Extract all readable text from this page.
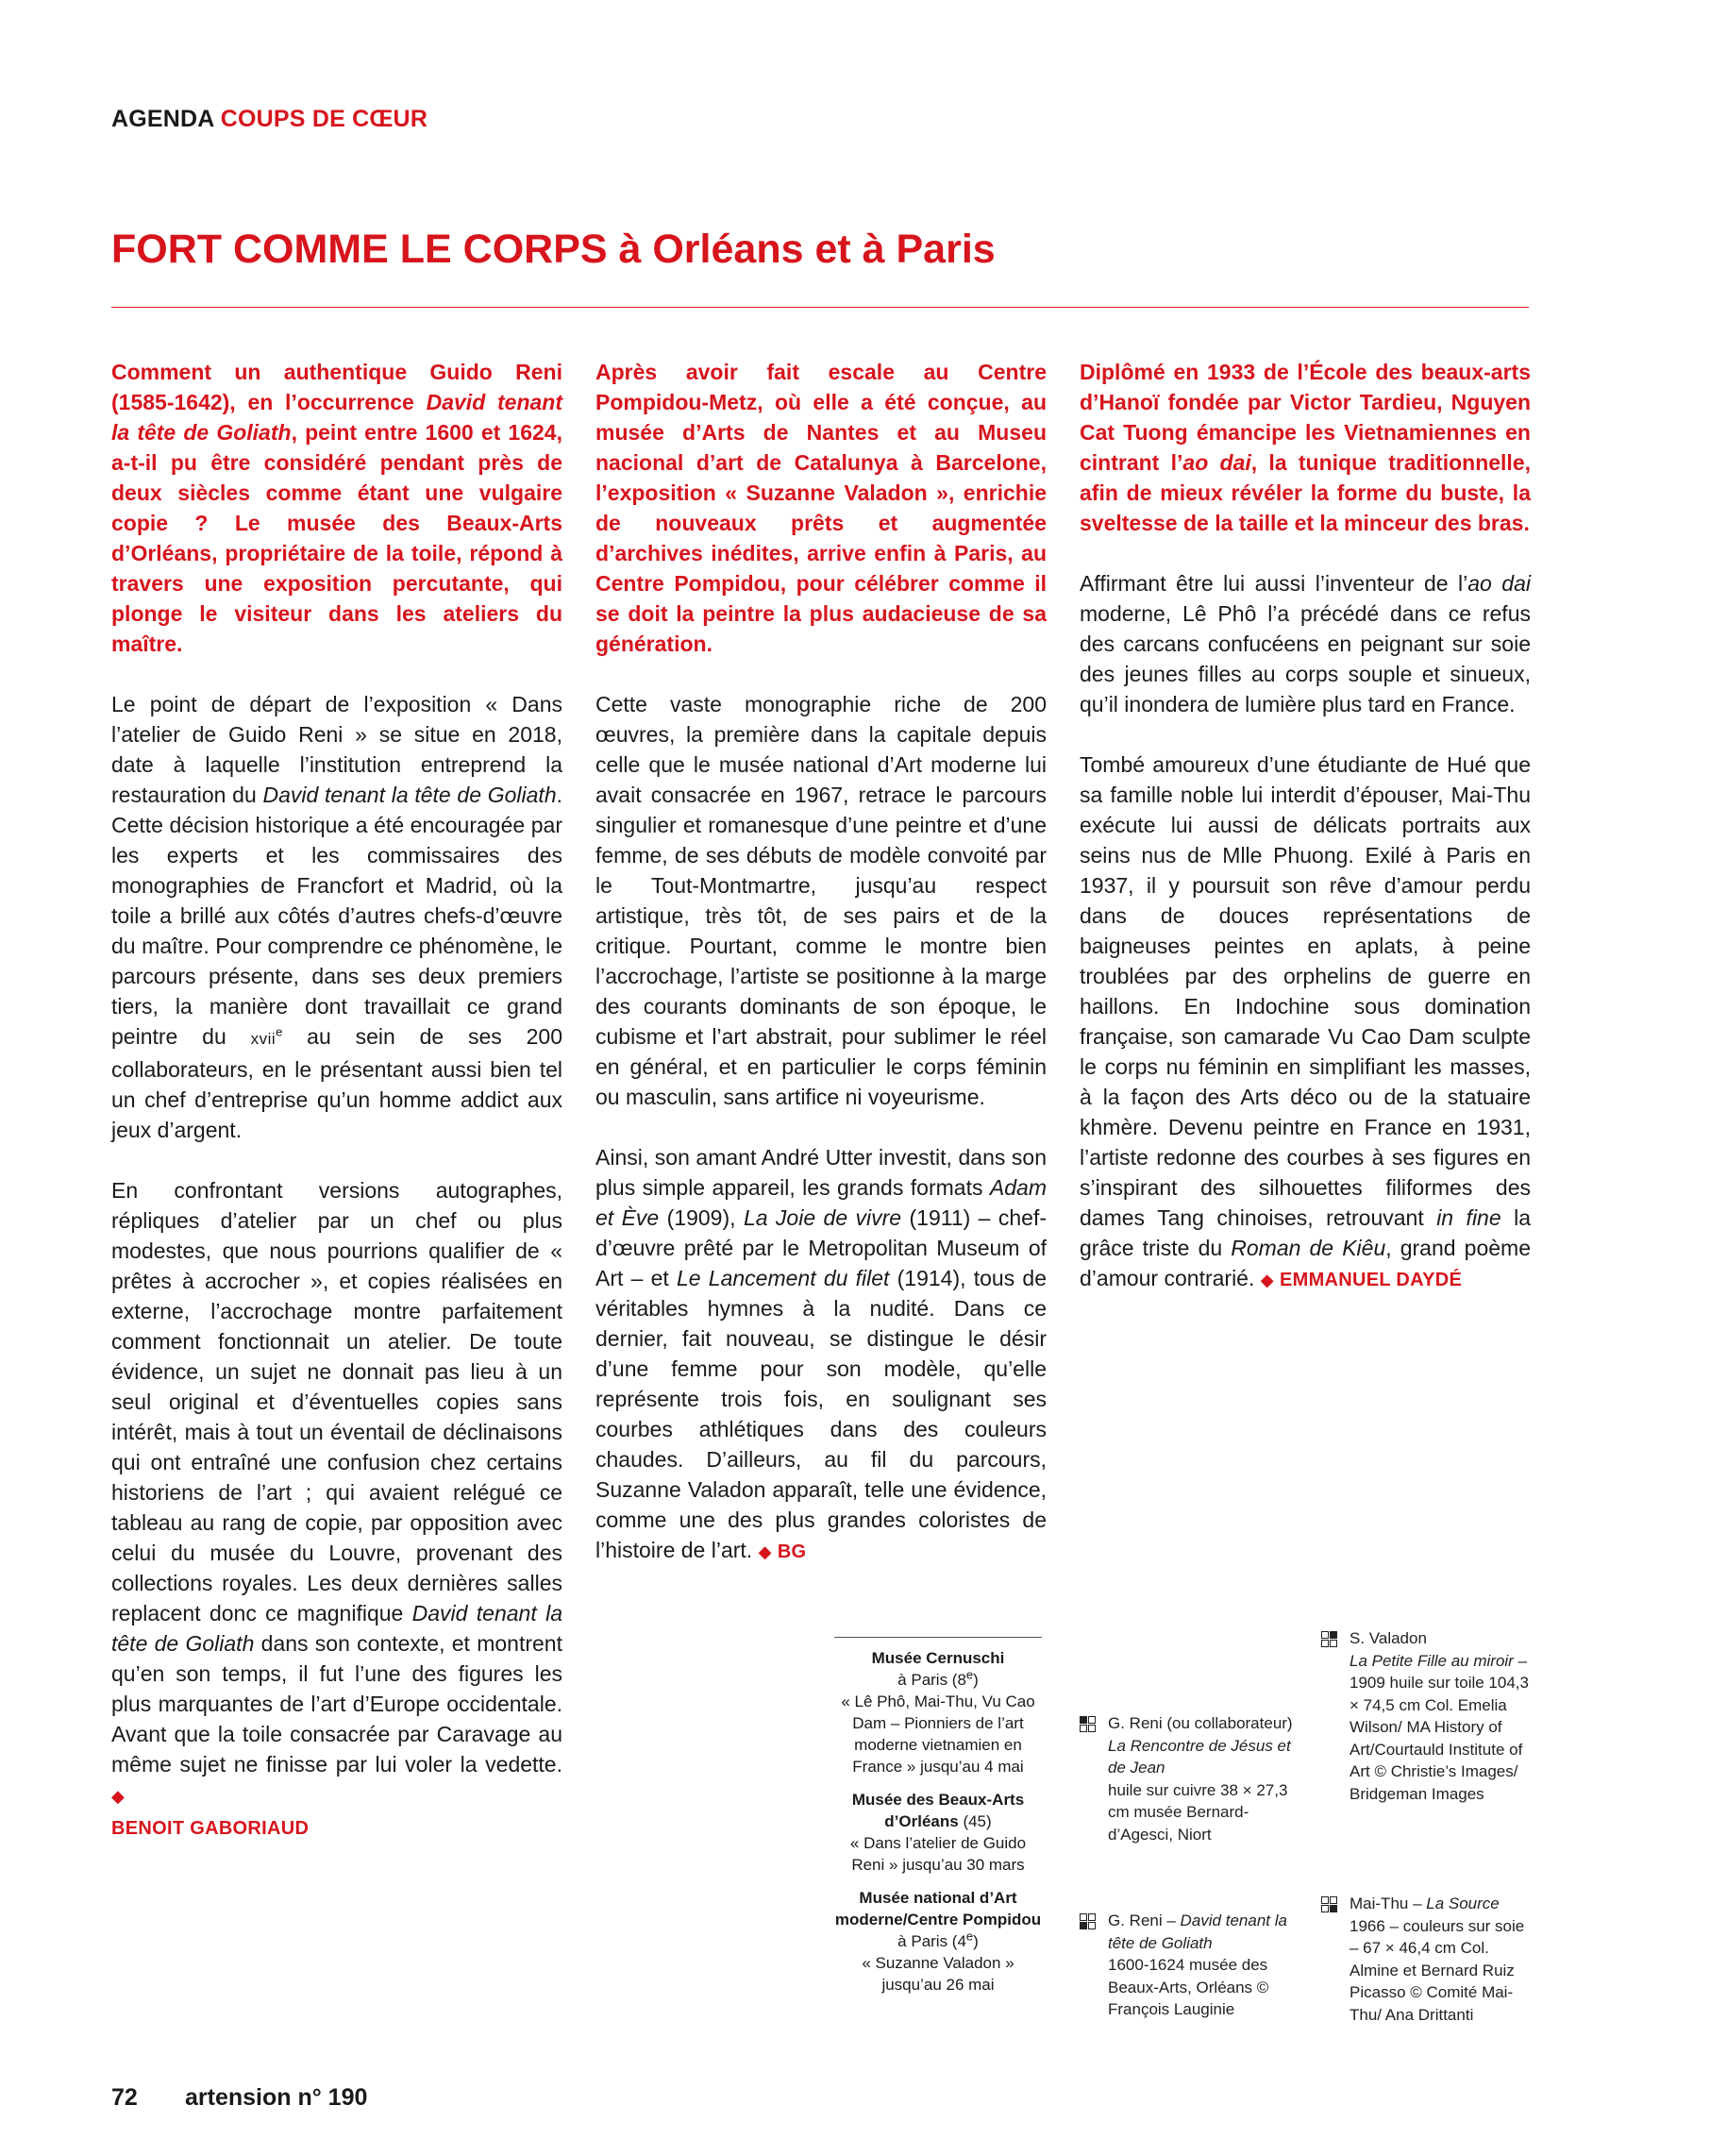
AGENDA COUPS DE CŒUR
FORT COMME LE CORPS à Orléans et à Paris

Comment un authentique Guido Reni (1585-1642), en l’occurrence David tenant la tête de Goliath, peint entre 1600 et 1624, a-t-il pu être considéré pendant près de deux siècles comme étant une vulgaire copie ? Le musée des Beaux-Arts d’Orléans, propriétaire de la toile, répond à travers une exposition percutante, qui plonge le visiteur dans les ateliers du maître.

Le point de départ de l’exposition « Dans l’atelier de Guido Reni » se situe en 2018, date à laquelle l’institution entreprend la restauration du David tenant la tête de Goliath. Cette décision historique a été encouragée par les experts et les commissaires des monographies de Francfort et Madrid, où la toile a brillé aux côtés d’autres chefs-d’œuvre du maître. Pour comprendre ce phénomène, le parcours présente, dans ses deux premiers tiers, la manière dont travaillait ce grand peintre du xvii$^e$ au sein de ses 200 collaborateurs, en le présentant aussi bien tel un chef d’entreprise qu’un homme addict aux jeux d’argent.

En confrontant versions autographes, répliques d’atelier par un chef ou plus modestes, que nous pourrions qualifier de « prêtes à accrocher », et copies réalisées en externe, l’accrochage montre parfaitement comment fonctionnait un atelier. De toute évidence, un sujet ne donnait pas lieu à un seul original et d’éventuelles copies sans intérêt, mais à tout un éventail de déclinaisons qui ont entraîné une confusion chez certains historiens de l’art ; qui avaient relégué ce tableau au rang de copie, par opposition avec celui du musée du Louvre, provenant des collections royales. Les deux dernières salles replacent donc ce magnifique David tenant la tête de Goliath dans son contexte, et montrent qu’en son temps, il fut l’une des figures les plus marquantes de l’art d’Europe occidentale. Avant que la toile consacrée par Caravage au même sujet ne finisse par lui voler la vedette. ◆
BENOIT GABORIAUD

Après avoir fait escale au Centre Pompidou-Metz, où elle a été conçue, au musée d’Arts de Nantes et au Museu nacional d’art de Catalunya à Barcelone, l’exposition « Suzanne Valadon », enrichie de nouveaux prêts et augmentée d’archives inédites, arrive enfin à Paris, au Centre Pompidou, pour célébrer comme il se doit la peintre la plus audacieuse de sa génération.

Cette vaste monographie riche de 200 œuvres, la première dans la capitale depuis celle que le musée national d’Art moderne lui avait consacrée en 1967, retrace le parcours singulier et romanesque d’une peintre et d’une femme, de ses débuts de modèle convoité par le Tout-Montmartre, jusqu’au respect artistique, très tôt, de ses pairs et de la critique. Pourtant, comme le montre bien l’accrochage, l’artiste se positionne à la marge des courants dominants de son époque, le cubisme et l’art abstrait, pour sublimer le réel en général, et en particulier le corps féminin ou masculin, sans artifice ni voyeurisme.

Ainsi, son amant André Utter investit, dans son plus simple appareil, les grands formats Adam et Ève (1909), La Joie de vivre (1911) – chef-d’œuvre prêté par le Metropolitan Museum of Art – et Le Lancement du filet (1914), tous de véritables hymnes à la nudité. Dans ce dernier, fait nouveau, se distingue le désir d’une femme pour son modèle, qu’elle représente trois fois, en soulignant ses courbes athlétiques dans des couleurs chaudes. D’ailleurs, au fil du parcours, Suzanne Valadon apparaît, telle une évidence, comme une des plus grandes coloristes de l’histoire de l’art. ◆ BG

Diplômé en 1933 de l’École des beaux-arts d’Hanoï fondée par Victor Tardieu, Nguyen Cat Tuong émancipe les Vietnamiennes en cintrant l’ao dai, la tunique traditionnelle, afin de mieux révéler la forme du buste, la sveltesse de la taille et la minceur des bras.

Affirmant être lui aussi l’inventeur de l’ao dai moderne, Lê Phô l’a précédé dans ce refus des carcans confucéens en peignant sur soie des jeunes filles au corps souple et sinueux, qu’il inondera de lumière plus tard en France.

Tombé amoureux d’une étudiante de Hué que sa famille noble lui interdit d’épouser, Mai-Thu exécute lui aussi de délicats portraits aux seins nus de Mlle Phuong. Exilé à Paris en 1937, il y poursuit son rêve d’amour perdu dans de douces représentations de baigneuses peintes en aplats, à peine troublées par des orphelins de guerre en haillons. En Indochine sous domination française, son camarade Vu Cao Dam sculpte le corps nu féminin en simplifiant les masses, à la façon des Arts déco ou de la statuaire khmère. Devenu peintre en France en 1931, l’artiste redonne des courbes à ses figures en s’inspirant des silhouettes filiformes des dames Tang chinoises, retrouvant in fine la grâce triste du Roman de Kiêu, grand poème d’amour contrarié. ◆ EMMANUEL DAYDÉ

Musée Cernuschi
à Paris (8e)
« Lê Phô, Mai-Thu, Vu Cao Dam – Pionniers de l’art moderne vietnamien en France » jusqu’au 4 mai
Musée des Beaux-Arts d’Orléans (45)
« Dans l’atelier de Guido Reni » jusqu’au 30 mars
Musée national d’Art moderne/Centre Pompidou à Paris (4e)
« Suzanne Valadon » jusqu’au 26 mai
G. Reni (ou collaborateur)
La Rencontre de Jésus et de Jean
huile sur cuivre 38 × 27,3 cm musée Bernard-d’Agesci, Niort
G. Reni – David tenant la tête de Goliath
1600-1624 musée des Beaux-Arts, Orléans © François Lauginie
S. Valadon
La Petite Fille au miroir – 1909 huile sur toile 104,3 × 74,5 cm Col. Emelia Wilson/ MA History of Art/Courtauld Institute of Art © Christie’s Images/ Bridgeman Images
Mai-Thu – La Source
1966 – couleurs sur soie – 67 × 46,4 cm Col. Almine et Bernard Ruiz Picasso © Comité Mai-Thu/ Ana Drittanti
72 artension n° 190
